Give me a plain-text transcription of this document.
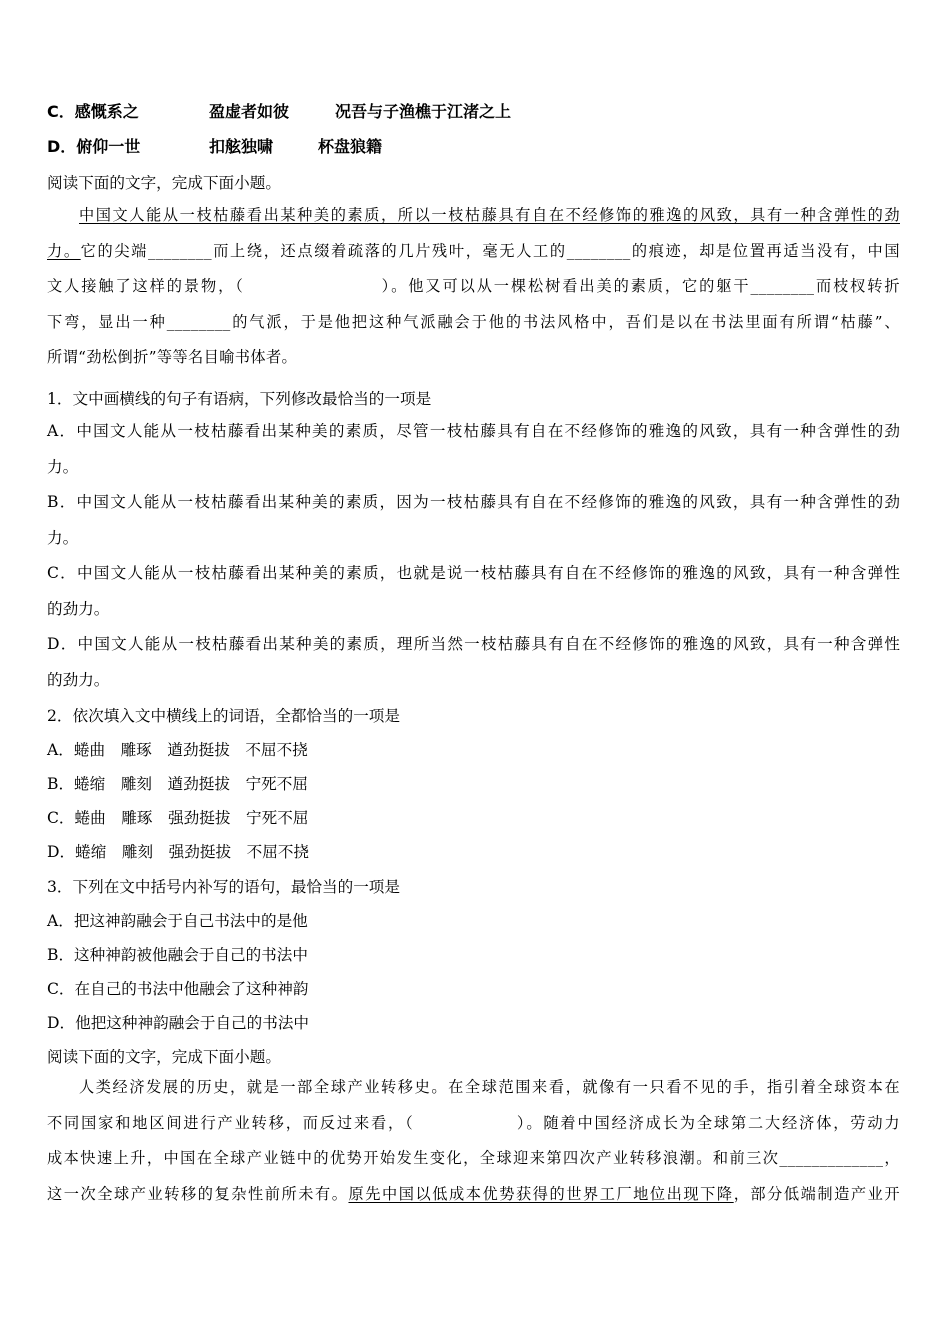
C．感慨系之	盈虚者如彼	况吾与子渔樵于江渚之上
D．俯仰一世	扣舷独啸	杯盘狼籍
阅读下面的文字，完成下面小题。
中国文人能从一枝枯藤看出某种美的素质，所以一枝枯藤具有自在不经修饰的雅逸的风致，具有一种含弹性的劲
力。它的尖端________而上绕，还点缀着疏落的几片残叶，毫无人工的________的痕迹，却是位置再适当没有，中国
文人接触了这样的景物，（　　　　　　　　）。他又可以从一棵松树看出美的素质，它的躯干________而枝杈转折
下弯，显出一种________的气派，于是他把这种气派融会于他的书法风格中，吾们是以在书法里面有所谓“枯藤”、
所谓“劲松倒折”等等名目喻书体者。
1．文中画横线的句子有语病，下列修改最恰当的一项是
A．中国文人能从一枝枯藤看出某种美的素质，尽管一枝枯藤具有自在不经修饰的雅逸的风致，具有一种含弹性的劲
力。
B．中国文人能从一枝枯藤看出某种美的素质，因为一枝枯藤具有自在不经修饰的雅逸的风致，具有一种含弹性的劲
力。
C．中国文人能从一枝枯藤看出某种美的素质，也就是说一枝枯藤具有自在不经修饰的雅逸的风致，具有一种含弹性
的劲力。
D．中国文人能从一枝枯藤看出某种美的素质，理所当然一枝枯藤具有自在不经修饰的雅逸的风致，具有一种含弹性
的劲力。
2．依次填入文中横线上的词语，全都恰当的一项是
A．蜷曲　雕琢　遒劲挺拔　不屈不挠
B．蜷缩　雕刻　遒劲挺拔　宁死不屈
C．蜷曲　雕琢　强劲挺拔　宁死不屈
D．蜷缩　雕刻　强劲挺拔　不屈不挠
3．下列在文中括号内补写的语句，最恰当的一项是
A．把这神韵融会于自己书法中的是他
B．这种神韵被他融会于自己的书法中
C．在自己的书法中他融会了这种神韵
D．他把这种神韵融会于自己的书法中
阅读下面的文字，完成下面小题。
人类经济发展的历史，就是一部全球产业转移史。在全球范围来看，就像有一只看不见的手，指引着全球资本在
不同国家和地区间进行产业转移，而反过来看，（　　　　　　）。随着中国经济成长为全球第二大经济体，劳动力
成本快速上升，中国在全球产业链中的优势开始发生变化，全球迎来第四次产业转移浪潮。和前三次_____________，
这一次全球产业转移的复杂性前所未有。原先中国以低成本优势获得的世界工厂地位出现下降，部分低端制造产业开
